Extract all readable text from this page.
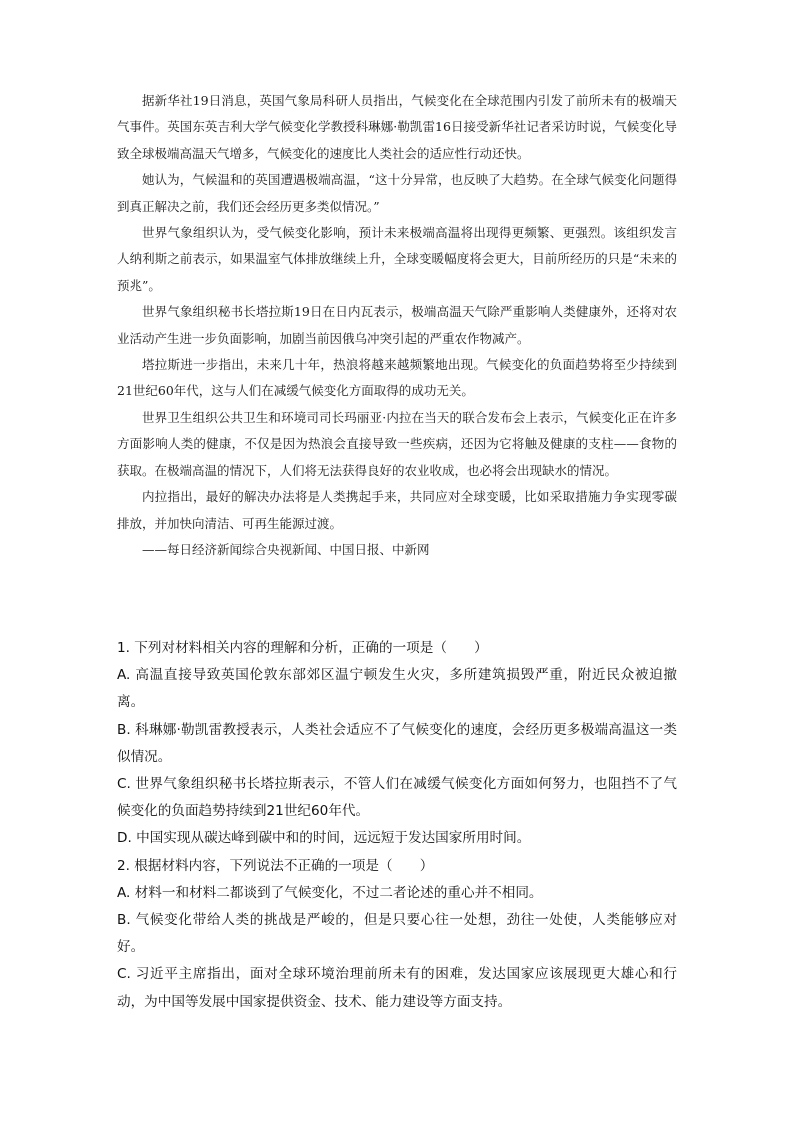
据新华社19日消息，英国气象局科研人员指出，气候变化在全球范围内引发了前所未有的极端天气事件。英国东英吉利大学气候变化学教授科琳娜·勒凯雷16日接受新华社记者采访时说，气候变化导致全球极端高温天气增多，气候变化的速度比人类社会的适应性行动还快。

她认为，气候温和的英国遭遇极端高温，“这十分异常，也反映了大趋势。在全球气候变化问题得到真正解决之前，我们还会经历更多类似情况。”

世界气象组织认为，受气候变化影响，预计未来极端高温将出现得更频繁、更强烈。该组织发言人纳利斯之前表示，如果温室气体排放继续上升，全球变暖幅度将会更大，目前所经历的只是“未来的预兆”。

世界气象组织秘书长塔拉斯19日在日内瓦表示，极端高温天气除严重影响人类健康外，还将对农业活动产生进一步负面影响，加剧当前因俄乌冲突引起的严重农作物减产。

塔拉斯进一步指出，未来几十年，热浪将越来越频繁地出现。气候变化的负面趋势将至少持续到21世纪60年代，这与人们在减缓气候变化方面取得的成功无关。

世界卫生组织公共卫生和环境司司长玛丽亚·内拉在当天的联合发布会上表示，气候变化正在许多方面影响人类的健康，不仅是因为热浪会直接导致一些疾病，还因为它将触及健康的支柱——食物的获取。在极端高温的情况下，人们将无法获得良好的农业收成，也必将会出现缺水的情况。

内拉指出，最好的解决办法将是人类携起手来，共同应对全球变暖，比如采取措施力争实现零碳排放，并加快向清洁、可再生能源过渡。

——每日经济新闻综合央视新闻、中国日报、中新网

1. 下列对材料相关内容的理解和分析，正确的一项是（　　）

A. 高温直接导致英国伦敦东部郊区温宁顿发生火灾，多所建筑损毁严重，附近民众被迫撤离。

B. 科琳娜·勒凯雷教授表示，人类社会适应不了气候变化的速度，会经历更多极端高温这一类似情况。

C. 世界气象组织秘书长塔拉斯表示，不管人们在减缓气候变化方面如何努力，也阻挡不了气候变化的负面趋势持续到21世纪60年代。

D. 中国实现从碳达峰到碳中和的时间，远远短于发达国家所用时间。

2. 根据材料内容，下列说法不正确的一项是（　　）

A. 材料一和材料二都谈到了气候变化，不过二者论述的重心并不相同。

B. 气候变化带给人类的挑战是严峻的，但是只要心往一处想，劲往一处使，人类能够应对好。

C. 习近平主席指出，面对全球环境治理前所未有的困难，发达国家应该展现更大雄心和行动，为中国等发展中国家提供资金、技术、能力建设等方面支持。
